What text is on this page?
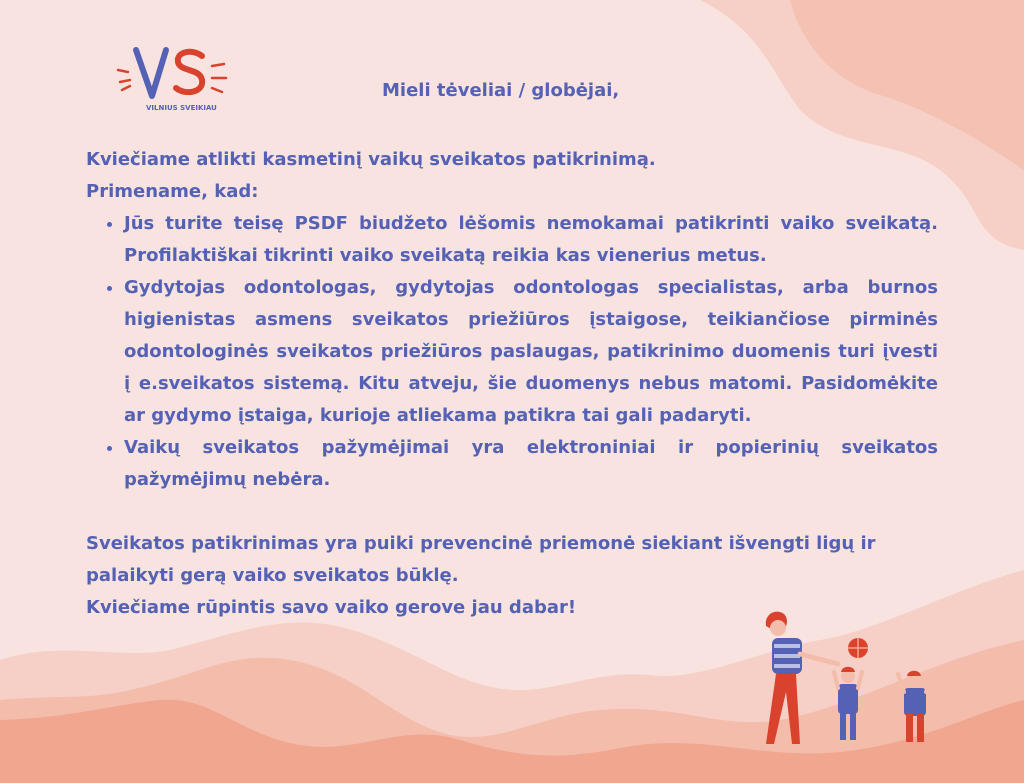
VILNIUS SVEIKIAU

Mieli tėveliai / globėjai,

Kviečiame atlikti kasmetinį vaikų sveikatos patikrinimą.

Primename, kad:

• Jūs turite teisę PSDF biudžeto lėšomis nemokamai patikrinti vaiko sveikatą. Profilaktiškai tikrinti vaiko sveikatą reikia kas vienerius metus.
• Gydytojas odontologas, gydytojas odontologas specialistas, arba burnos higienistas asmens sveikatos priežiūros įstaigose, teikiančiose pirminės odontologinės sveikatos priežiūros paslaugas, patikrinimo duomenis turi įvesti į e.sveikatos sistemą. Kitu atveju, šie duomenys nebus matomi. Pasidomėkite ar gydymo įstaiga, kurioje atliekama patikra tai gali padaryti.
• Vaikų sveikatos pažymėjimai yra elektroniniai ir popierinių sveikatos pažymėjimų nebėra.

Sveikatos patikrinimas yra puiki prevencinė priemonė siekiant išvengti ligų ir palaikyti gerą vaiko sveikatos būklę.

Kviečiame rūpintis savo vaiko gerove jau dabar!
